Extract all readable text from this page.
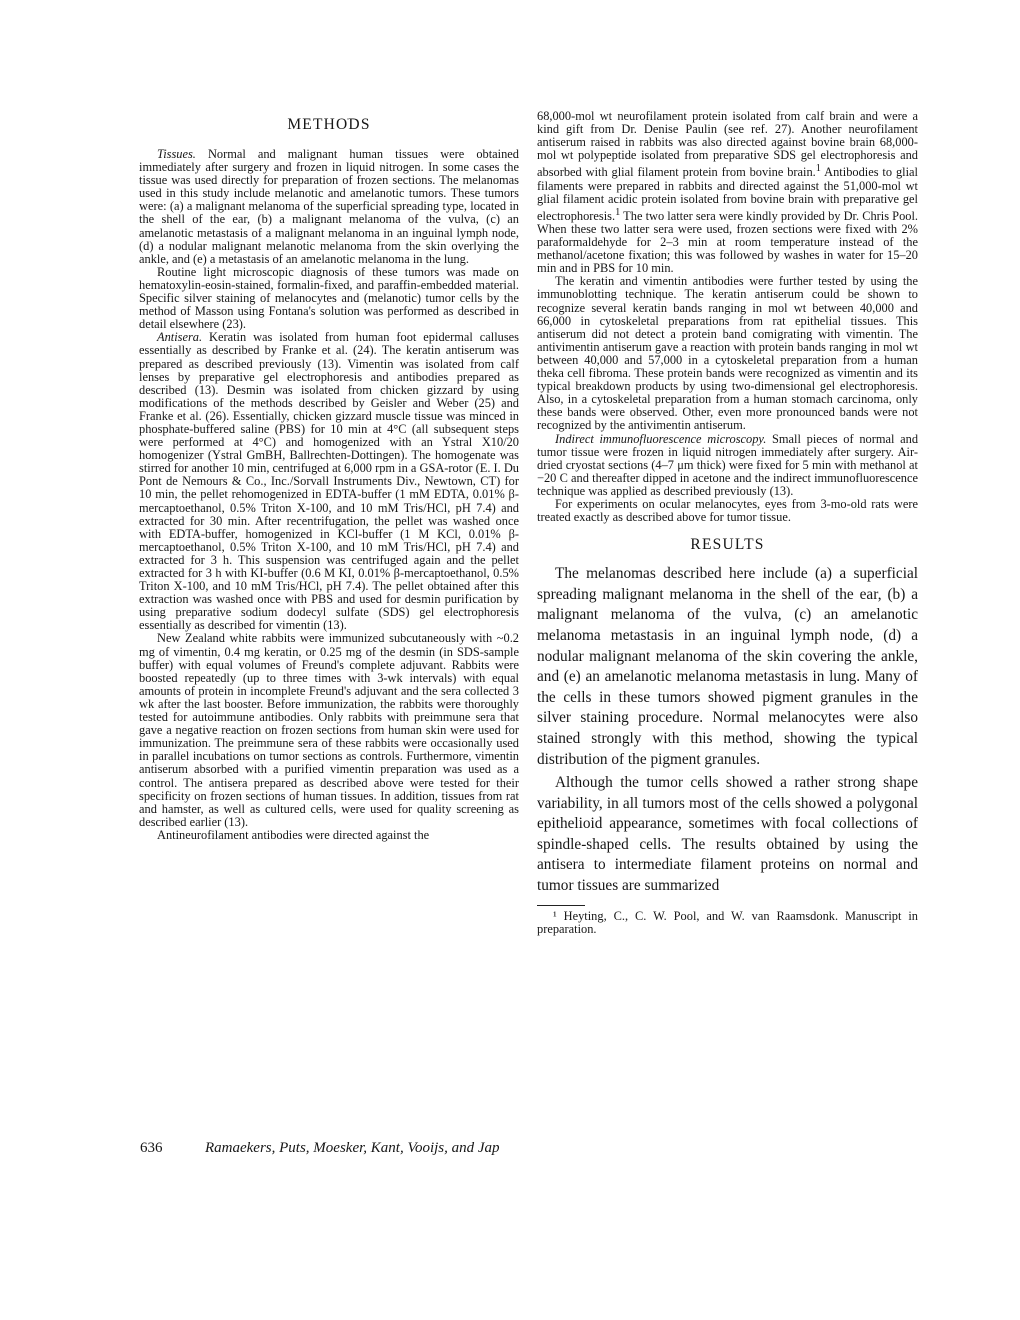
METHODS

Tissues. Normal and malignant human tissues were obtained immediately after surgery and frozen in liquid nitrogen. In some cases the tissue was used directly for preparation of frozen sections. The melanomas used in this study include melanotic and amelanotic tumors. These tumors were: (a) a malignant melanoma of the superficial spreading type, located in the shell of the ear, (b) a malignant melanoma of the vulva, (c) an amelanotic metastasis of a malignant melanoma in an inguinal lymph node, (d) a nodular malignant melanotic melanoma from the skin overlying the ankle, and (e) a metastasis of an amelanotic melanoma in the lung.

Routine light microscopic diagnosis of these tumors was made on hematoxylin-eosin-stained, formalin-fixed, and paraffin-embedded material. Specific silver staining of melanocytes and (melanotic) tumor cells by the method of Masson using Fontana's solution was performed as described in detail elsewhere (23).

Antisera. Keratin was isolated from human foot epidermal calluses essentially as described by Franke et al. (24). The keratin antiserum was prepared as described previously (13). Vimentin was isolated from calf lenses by preparative gel electrophoresis and antibodies prepared as described (13). Desmin was isolated from chicken gizzard by using modifications of the methods described by Geisler and Weber (25) and Franke et al. (26). Essentially, chicken gizzard muscle tissue was minced in phosphate-buffered saline (PBS) for 10 min at 4°C (all subsequent steps were performed at 4°C) and homogenized with an Ystral X10/20 homogenizer (Ystral GmBH, Ballrechten-Dottingen). The homogenate was stirred for another 10 min, centrifuged at 6,000 rpm in a GSA-rotor (E. I. Du Pont de Nemours & Co., Inc./Sorvall Instruments Div., Newtown, CT) for 10 min, the pellet rehomogenized in EDTA-buffer (1 mM EDTA, 0.01% β-mercaptoethanol, 0.5% Triton X-100, and 10 mM Tris/HCl, pH 7.4) and extracted for 30 min. After recentrifugation, the pellet was washed once with EDTA-buffer, homogenized in KCl-buffer (1 M KCl, 0.01% β-mercaptoethanol, 0.5% Triton X-100, and 10 mM Tris/HCl, pH 7.4) and extracted for 3 h. This suspension was centrifuged again and the pellet extracted for 3 h with KI-buffer (0.6 M KI, 0.01% β-mercaptoethanol, 0.5% Triton X-100, and 10 mM Tris/HCl, pH 7.4). The pellet obtained after this extraction was washed once with PBS and used for desmin purification by using preparative sodium dodecyl sulfate (SDS) gel electrophoresis essentially as described for vimentin (13).

New Zealand white rabbits were immunized subcutaneously with ~0.2 mg of vimentin, 0.4 mg keratin, or 0.25 mg of the desmin (in SDS-sample buffer) with equal volumes of Freund's complete adjuvant. Rabbits were boosted repeatedly (up to three times with 3-wk intervals) with equal amounts of protein in incomplete Freund's adjuvant and the sera collected 3 wk after the last booster. Before immunization, the rabbits were thoroughly tested for autoimmune antibodies. Only rabbits with preimmune sera that gave a negative reaction on frozen sections from human skin were used for immunization. The preimmune sera of these rabbits were occasionally used in parallel incubations on tumor sections as controls. Furthermore, vimentin antiserum absorbed with a purified vimentin preparation was used as a control. The antisera prepared as described above were tested for their specificity on frozen sections of human tissues. In addition, tissues from rat and hamster, as well as cultured cells, were used for quality screening as described earlier (13).

Antineurofilament antibodies were directed against the

68,000-mol wt neurofilament protein isolated from calf brain and were a kind gift from Dr. Denise Paulin (see ref. 27). Another neurofilament antiserum raised in rabbits was also directed against bovine brain 68,000-mol wt polypeptide isolated from preparative SDS gel electrophoresis and absorbed with glial filament protein from bovine brain.$^1$ Antibodies to glial filaments were prepared in rabbits and directed against the 51,000-mol wt glial filament acidic protein isolated from bovine brain with preparative gel electrophoresis.$^1$ The two latter sera were kindly provided by Dr. Chris Pool. When these two latter sera were used, frozen sections were fixed with 2% paraformaldehyde for 2–3 min at room temperature instead of the methanol/acetone fixation; this was followed by washes in water for 15–20 min and in PBS for 10 min.

The keratin and vimentin antibodies were further tested by using the immunoblotting technique. The keratin antiserum could be shown to recognize several keratin bands ranging in mol wt between 40,000 and 66,000 in cytoskeletal preparations from rat epithelial tissues. This antiserum did not detect a protein band comigrating with vimentin. The antivimentin antiserum gave a reaction with protein bands ranging in mol wt between 40,000 and 57,000 in a cytoskeletal preparation from a human theka cell fibroma. These protein bands were recognized as vimentin and its typical breakdown products by using two-dimensional gel electrophoresis. Also, in a cytoskeletal preparation from a human stomach carcinoma, only these bands were observed. Other, even more pronounced bands were not recognized by the antivimentin antiserum.

Indirect immunofluorescence microscopy. Small pieces of normal and tumor tissue were frozen in liquid nitrogen immediately after surgery. Air-dried cryostat sections (4–7 μm thick) were fixed for 5 min with methanol at −20 C and thereafter dipped in acetone and the indirect immunofluorescence technique was applied as described previously (13).

For experiments on ocular melanocytes, eyes from 3-mo-old rats were treated exactly as described above for tumor tissue.

RESULTS

The melanomas described here include (a) a superficial spreading malignant melanoma in the shell of the ear, (b) a malignant melanoma of the vulva, (c) an amelanotic melanoma metastasis in an inguinal lymph node, (d) a nodular malignant melanoma of the skin covering the ankle, and (e) an amelanotic melanoma metastasis in lung. Many of the cells in these tumors showed pigment granules in the silver staining procedure. Normal melanocytes were also stained strongly with this method, showing the typical distribution of the pigment granules.

Although the tumor cells showed a rather strong shape variability, in all tumors most of the cells showed a polygonal epithelioid appearance, sometimes with focal collections of spindle-shaped cells. The results obtained by using the antisera to intermediate filament proteins on normal and tumor tissues are summarized

¹ Heyting, C., C. W. Pool, and W. van Raamsdonk. Manuscript in preparation.

636	Ramaekers, Puts, Moesker, Kant, Vooijs, and Jap
